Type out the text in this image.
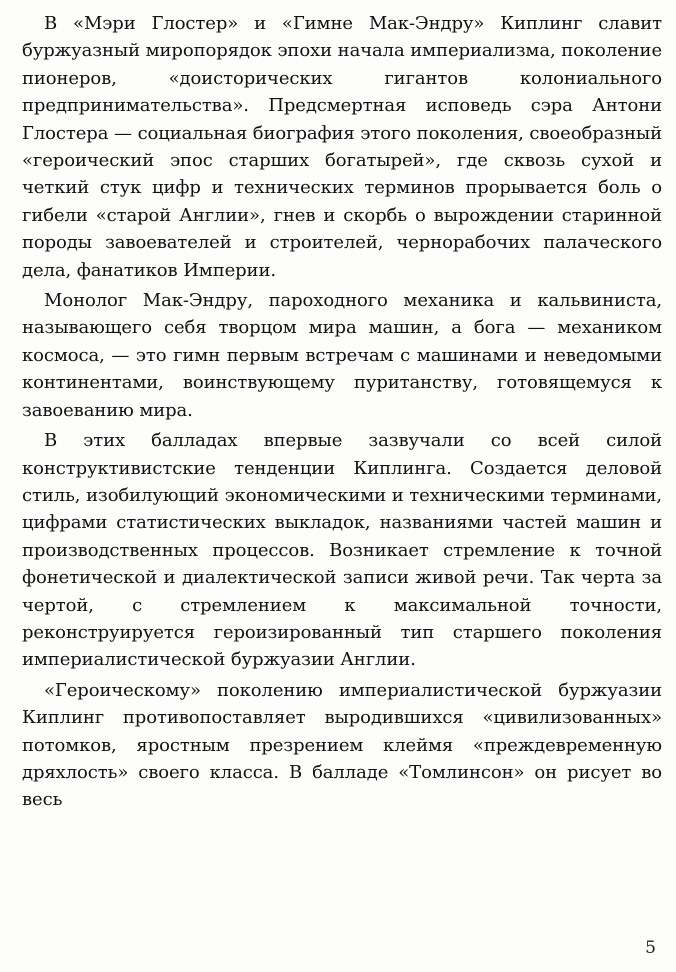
В «Мэри Глостер» и «Гимне Мак-Эндру» Киплинг славит буржуазный миропорядок эпохи начала империализма, поколение пионеров, «доисторических гигантов колониального предпринимательства». Предсмертная исповедь сэра Антони Глостера — социальная биография этого поколения, своеобразный «героический эпос старших богатырей», где сквозь сухой и четкий стук цифр и технических терминов прорывается боль о гибели «старой Англии», гнев и скорбь о вырождении старинной породы завоевателей и строителей, чернорабочих палаческого дела, фанатиков Империи.

Монолог Мак-Эндру, пароходного механика и кальвиниста, называющего себя творцом мира машин, а бога — механиком космоса, — это гимн первым встречам с машинами и неведомыми континентами, воинствующему пуританству, готовящемуся к завоеванию мира.

В этих балладах впервые зазвучали со всей силой конструктивистские тенденции Киплинга. Создается деловой стиль, изобилующий экономическими и техническими терминами, цифрами статистических выкладок, названиями частей машин и производственных процессов. Возникает стремление к точной фонетической и диалектической записи живой речи. Так черта за чертой, с стремлением к максимальной точности, реконструируется героизированный тип старшего поколения империалистической буржуазии Англии.

«Героическому» поколению империалистической буржуазии Киплинг противопоставляет выродившихся «цивилизованных» потомков, яростным презрением клеймя «преждевременную дряхлость» своего класса. В балладе «Томлинсон» он рисует во весь

5
